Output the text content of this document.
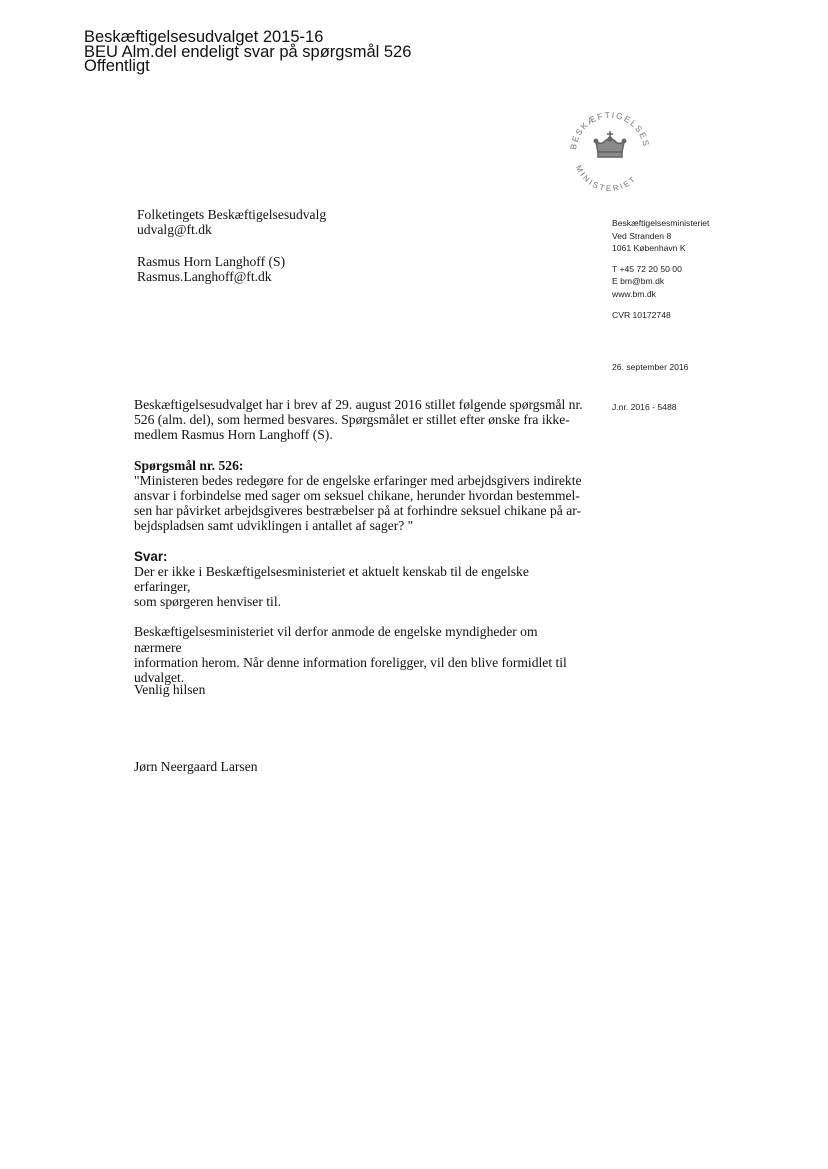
Beskæftigelsesudvalget 2015-16
BEU Alm.del endeligt svar på spørgsmål 526
Offentligt
BESKÆFTIGELSES
MINISTERIET
Folketingets Beskæftigelsesudvalg
udvalg@ft.dk
Rasmus Horn Langhoff (S)
Rasmus.Langhoff@ft.dk
Beskæftigelsesministeriet
Ved Stranden 8
1061 København K
T +45 72 20 50 00
E bm@bm.dk
www.bm.dk
CVR 10172748
26. september 2016
J.nr. 2016 - 5488

Beskæftigelsesudvalget har i brev af 29. august 2016 stillet følgende spørgsmål nr.

526 (alm. del), som hermed besvares. Spørgsmålet er stillet efter ønske fra ikke-

medlem Rasmus Horn Langhoff (S).

Spørgsmål nr. 526:

"Ministeren bedes redegøre for de engelske erfaringer med arbejdsgivers indirekte

ansvar i forbindelse med sager om seksuel chikane, herunder hvordan bestemmel-

sen har påvirket arbejdsgiveres bestræbelser på at forhindre seksuel chikane på ar-

bejdspladsen samt udviklingen i antallet af sager? "

Svar:

Der er ikke i Beskæftigelsesministeriet et aktuelt kenskab til de engelske erfaringer,

som spørgeren henviser til.

Beskæftigelsesministeriet vil derfor anmode de engelske myndigheder om nærmere

information herom. Når denne information foreligger, vil den blive formidlet til

udvalget.

Venlig hilsen
Jørn Neergaard Larsen
